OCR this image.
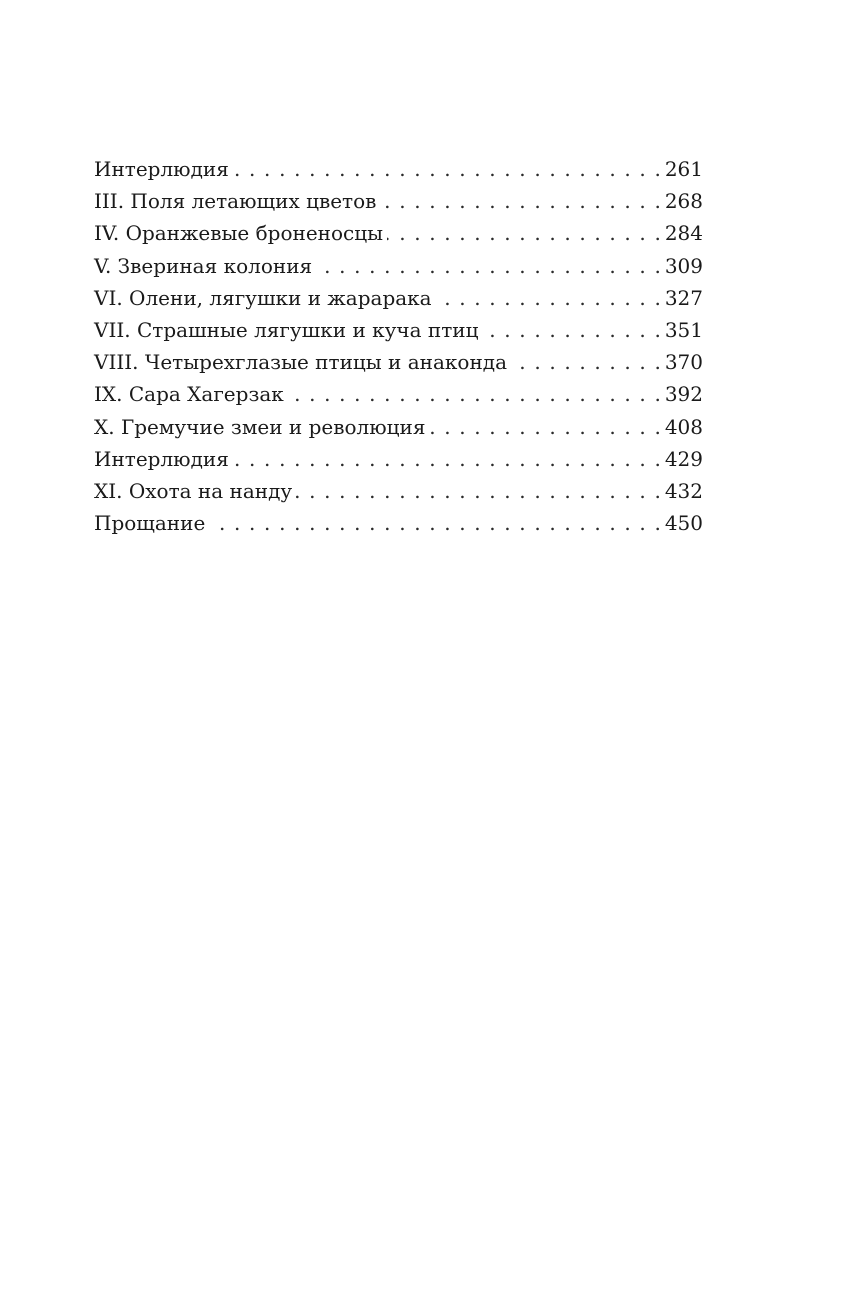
Интерлюдия . . .	261
III. Поля летающих цветов . . .	268
IV. Оранжевые броненосцы . . .	284
V. Звериная колония . . .	309
VI. Олени, лягушки и жарарака . . .	327
VII. Страшные лягушки и куча птиц . . .	351
VIII. Четырехглазые птицы и анаконда . . .	370
IX. Сара Хагерзак . . .	392
X. Гремучие змеи и революция . . .	408
Интерлюдия . . .	429
XI. Охота на нанду . . .	432
Прощание . . .	450
